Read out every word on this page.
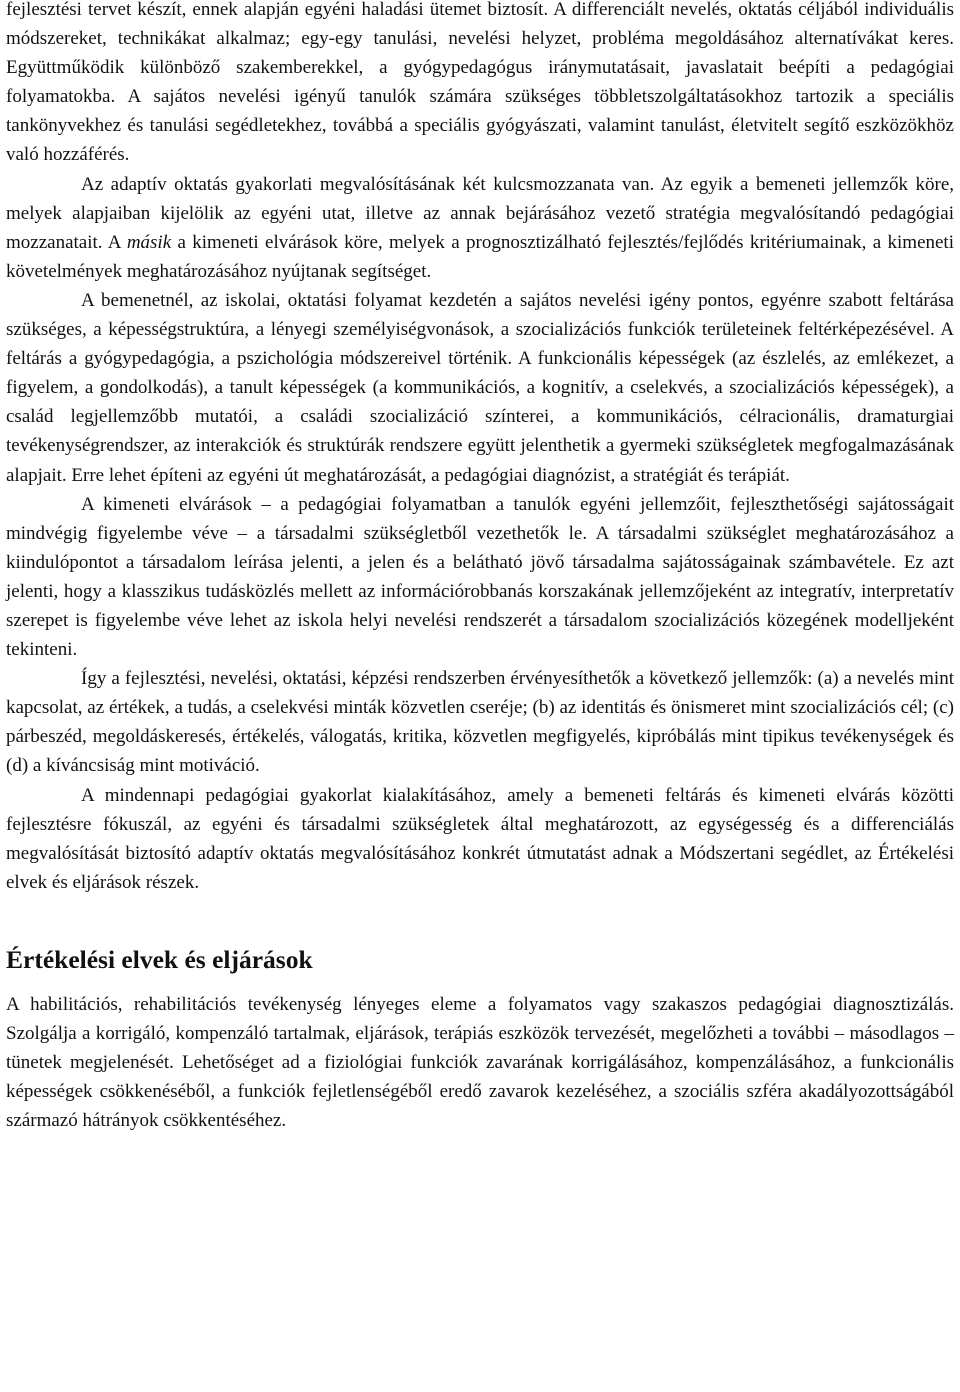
fejlesztési tervet készít, ennek alapján egyéni haladási ütemet biztosít. A differenciált nevelés, oktatás céljából individuális módszereket, technikákat alkalmaz; egy-egy tanulási, nevelési helyzet, probléma megoldásához alternatívákat keres. Együttműködik különböző szakemberekkel, a gyógypedagógus iránymutatásait, javaslatait beépíti a pedagógiai folyamatokba. A sajátos nevelési igényű tanulók számára szükséges többletszolgáltatásokhoz tartozik a speciális tankönyvekhez és tanulási segédletekhez, továbbá a speciális gyógyászati, valamint tanulást, életvitelt segítő eszközökhöz való hozzáférés.

Az adaptív oktatás gyakorlati megvalósításának két kulcsmozzanata van. Az egyik a bemeneti jellemzők köre, melyek alapjaiban kijelölik az egyéni utat, illetve az annak bejárásához vezető stratégia megvalósítandó pedagógiai mozzanatait. A másik a kimeneti elvárások köre, melyek a prognosztizálható fejlesztés/fejlődés kritériumainak, a kimeneti követelmények meghatározásához nyújtanak segítséget.

A bemenetnél, az iskolai, oktatási folyamat kezdetén a sajátos nevelési igény pontos, egyénre szabott feltárása szükséges, a képességstruktúra, a lényegi személyiségvonások, a szocializációs funkciók területeinek feltérképezésével. A feltárás a gyógypedagógia, a pszichológia módszereivel történik. A funkcionális képességek (az észlelés, az emlékezet, a figyelem, a gondolkodás), a tanult képességek (a kommunikációs, a kognitív, a cselekvés, a szocializációs képességek), a család legjellemzőbb mutatói, a családi szocializáció színterei, a kommunikációs, célracionális, dramaturgiai tevékenységrendszer, az interakciók és struktúrák rendszere együtt jelenthetik a gyermeki szükségletek megfogalmazásának alapjait. Erre lehet építeni az egyéni út meghatározását, a pedagógiai diagnózist, a stratégiát és terápiát.

A kimeneti elvárások – a pedagógiai folyamatban a tanulók egyéni jellemzőit, fejleszthetőségi sajátosságait mindvégig figyelembe véve – a társadalmi szükségletből vezethetők le. A társadalmi szükséglet meghatározásához a kiindulópontot a társadalom leírása jelenti, a jelen és a belátható jövő társadalma sajátosságainak számbavétele. Ez azt jelenti, hogy a klasszikus tudásközlés mellett az információrobbanás korszakának jellemzőjeként az integratív, interpretatív szerepet is figyelembe véve lehet az iskola helyi nevelési rendszerét a társadalom szocializációs közegének modelljeként tekinteni.

Így a fejlesztési, nevelési, oktatási, képzési rendszerben érvényesíthetők a következő jellemzők: (a) a nevelés mint kapcsolat, az értékek, a tudás, a cselekvési minták közvetlen cseréje; (b) az identitás és önismeret mint szocializációs cél; (c) párbeszéd, megoldáskeresés, értékelés, válogatás, kritika, közvetlen megfigyelés, kipróbálás mint tipikus tevékenységek és (d) a kíváncsiság mint motiváció.

A mindennapi pedagógiai gyakorlat kialakításához, amely a bemeneti feltárás és kimeneti elvárás közötti fejlesztésre fókuszál, az egyéni és társadalmi szükségletek által meghatározott, az egységesség és a differenciálás megvalósítását biztosító adaptív oktatás megvalósításához konkrét útmutatást adnak a Módszertani segédlet, az Értékelési elvek és eljárások részek.

Értékelési elvek és eljárások

A habilitációs, rehabilitációs tevékenység lényeges eleme a folyamatos vagy szakaszos pedagógiai diagnosztizálás. Szolgálja a korrigáló, kompenzáló tartalmak, eljárások, terápiás eszközök tervezését, megelőzheti a további – másodlagos – tünetek megjelenését. Lehetőséget ad a fiziológiai funkciók zavarának korrigálásához, kompenzálásához, a funkcionális képességek csökkenéséből, a funkciók fejletlenségéből eredő zavarok kezeléséhez, a szociális szféra akadályozottságából származó hátrányok csökkentéséhez.
